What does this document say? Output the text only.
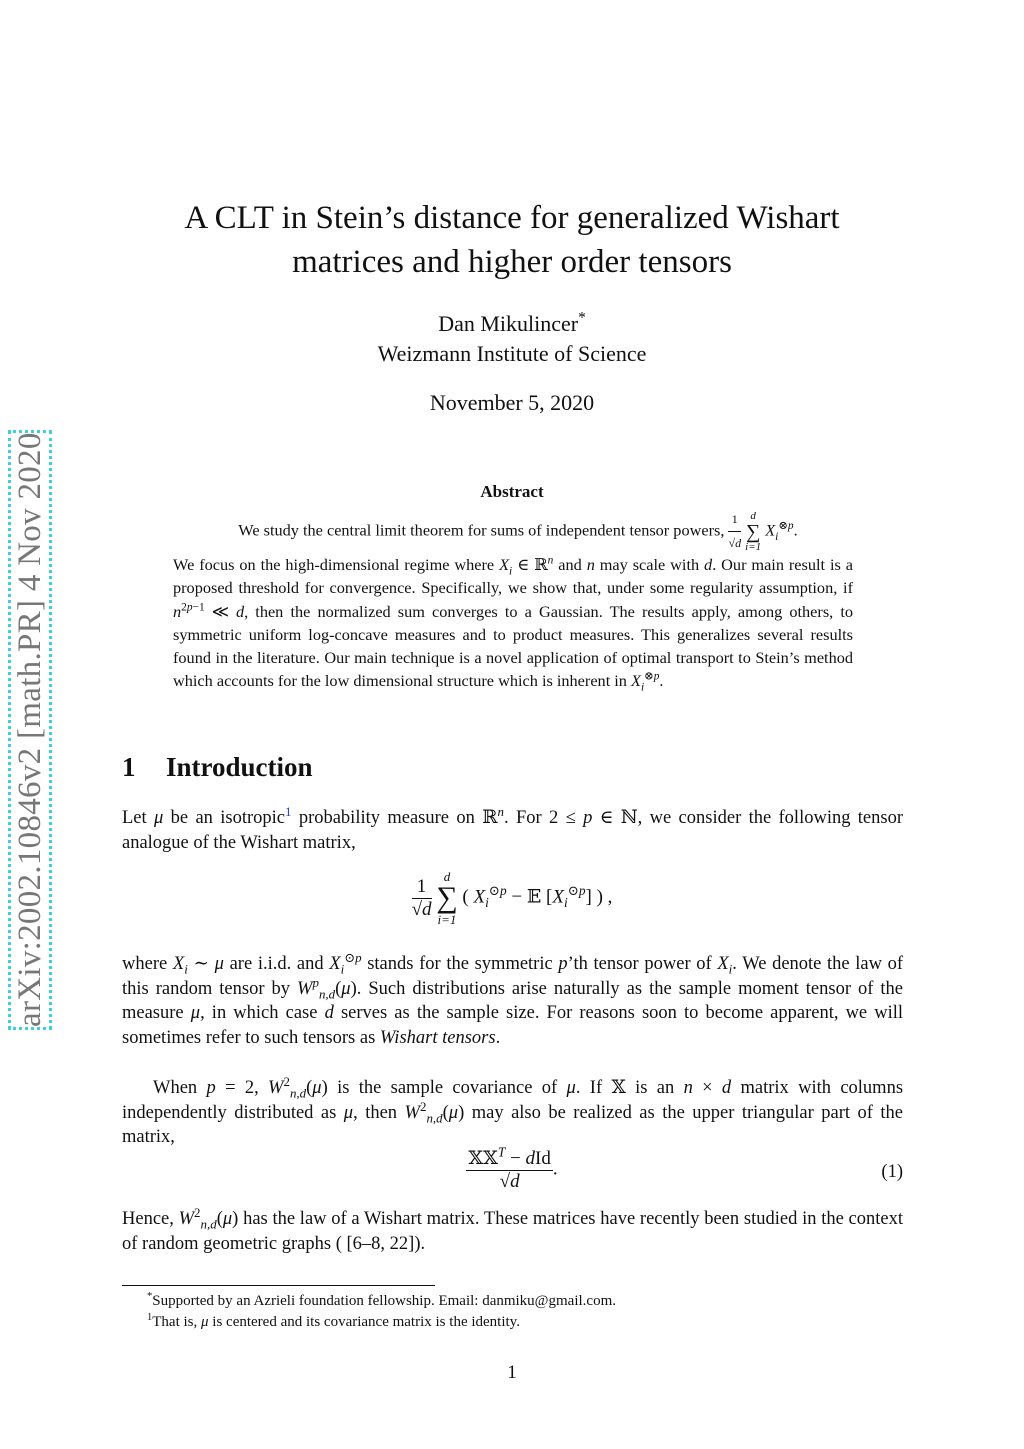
arXiv:2002.10846v2 [math.PR] 4 Nov 2020
A CLT in Stein’s distance for generalized Wishart
matrices and higher order tensors
Dan Mikulincer*
Weizmann Institute of Science
November 5, 2020
Abstract
We study the central limit theorem for sums of independent tensor powers, $\frac{1}{√d}$
d
∑
i=1
$X_i^{\otimes p}$.
We focus on the high-dimensional regime where $X_i$ ∈ ℝ$^n$ and n may scale with d. Our main result is a proposed threshold for convergence. Specifically, we show that, under some regularity assumption, if $n^{2p-1}$ ≪ d, then the normalized sum converges to a Gaussian. The results apply, among others, to symmetric uniform log-concave measures and to product measures. This generalizes several results found in the literature. Our main technique is a novel application of optimal transport to Stein’s method which accounts for the low dimensional structure which is inherent in $X_i^{\otimes p}$.
1 Introduction
Let μ be an isotropic$^1$ probability measure on ℝ$^n$. For 2 ≤ p ∈ ℕ, we consider the following tensor analogue of the Wishart matrix,
$\frac{1}{√d}$
d
∑
i=1
( $X_i^{⊙p}$ − 𝔼 $[X_i^{⊙p}]$ ) ,
where $X_i$ ∼ μ are i.i.d. and $X_i^{⊙p}$ stands for the symmetric p’th tensor power of $X_i$. We denote the law of this random tensor by $W^p_{n,d}(\mu)$. Such distributions arise naturally as the sample moment tensor of the measure μ, in which case d serves as the sample size. For reasons soon to become apparent, we will sometimes refer to such tensors as Wishart tensors.
When p = 2, $W^2_{n,d}(\mu)$ is the sample covariance of μ. If 𝕏 is an n × d matrix with columns independently distributed as μ, then $W^2_{n,d}(\mu)$ may also be realized as the upper triangular part of the matrix,
$\frac{𝕏𝕏^T - dId}{√d}$ .	(1)
Hence, $W^2_{n,d}(\mu)$ has the law of a Wishart matrix. These matrices have recently been studied in the context of random geometric graphs ( [6–8, 22]).
*Supported by an Azrieli foundation fellowship. Email: danmiku@gmail.com.
$^1$That is, μ is centered and its covariance matrix is the identity.
1
